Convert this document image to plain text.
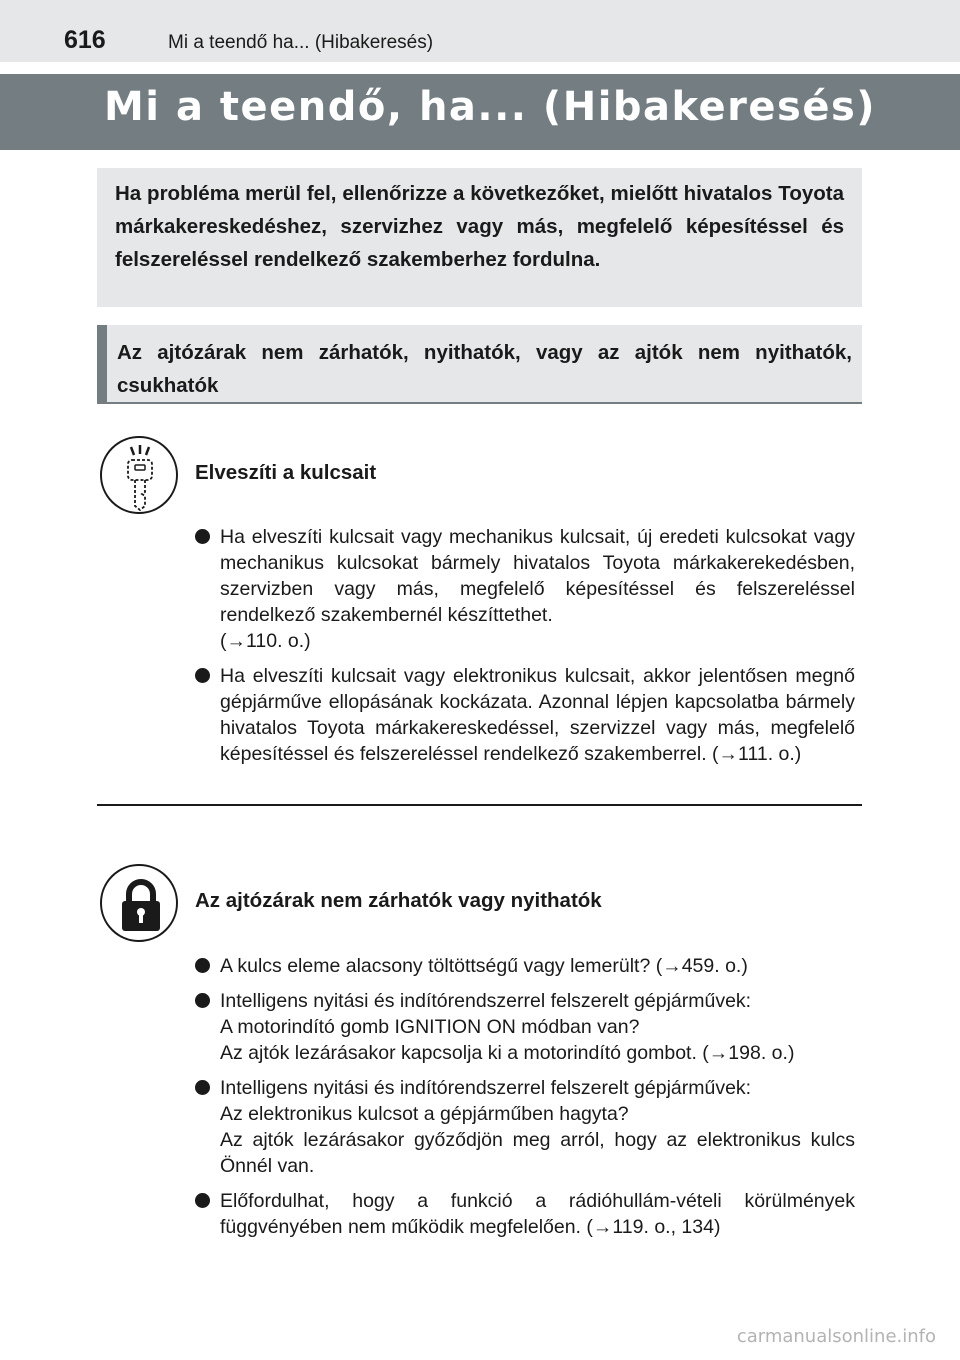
616	Mi a teendő ha... (Hibakeresés)
Mi a teendő, ha... (Hibakeresés)
Ha probléma merül fel, ellenőrizze a következőket, mielőtt hivatalos Toyota márkakereskedéshez, szervizhez vagy más, megfelelő képesítéssel és felszereléssel rendelkező szakemberhez fordulna.
Az ajtózárak nem zárhatók, nyithatók, vagy az ajtók nem nyithatók, csukhatók
Elveszíti a kulcsait
Ha elveszíti kulcsait vagy mechanikus kulcsait, új eredeti kulcsokat vagy mechanikus kulcsokat bármely hivatalos Toyota márkakerekedésben, szervizben vagy más, megfelelő képesítéssel és felszereléssel rendelkező szakembernél készíttethet.
(→110. o.)
Ha elveszíti kulcsait vagy elektronikus kulcsait, akkor jelentősen megnő gépjárműve ellopásának kockázata. Azonnal lépjen kapcsolatba bármely hivatalos Toyota márkakereskedéssel, szervizzel vagy más, megfelelő képesítéssel és felszereléssel rendelkező szakemberrel. (→111. o.)
Az ajtózárak nem zárhatók vagy nyithatók
A kulcs eleme alacsony töltöttségű vagy lemerült? (→459. o.)
Intelligens nyitási és indítórendszerrel felszerelt gépjárművek:
A motorindító gomb IGNITION ON módban van?
Az ajtók lezárásakor kapcsolja ki a motorindító gombot. (→198. o.)
Intelligens nyitási és indítórendszerrel felszerelt gépjárművek:
Az elektronikus kulcsot a gépjárműben hagyta?
Az ajtók lezárásakor győződjön meg arról, hogy az elektronikus kulcs Önnél van.
Előfordulhat, hogy a funkció a rádióhullám-vételi körülmények függvényében nem működik megfelelően. (→119. o., 134)
carmanualsonline.info
